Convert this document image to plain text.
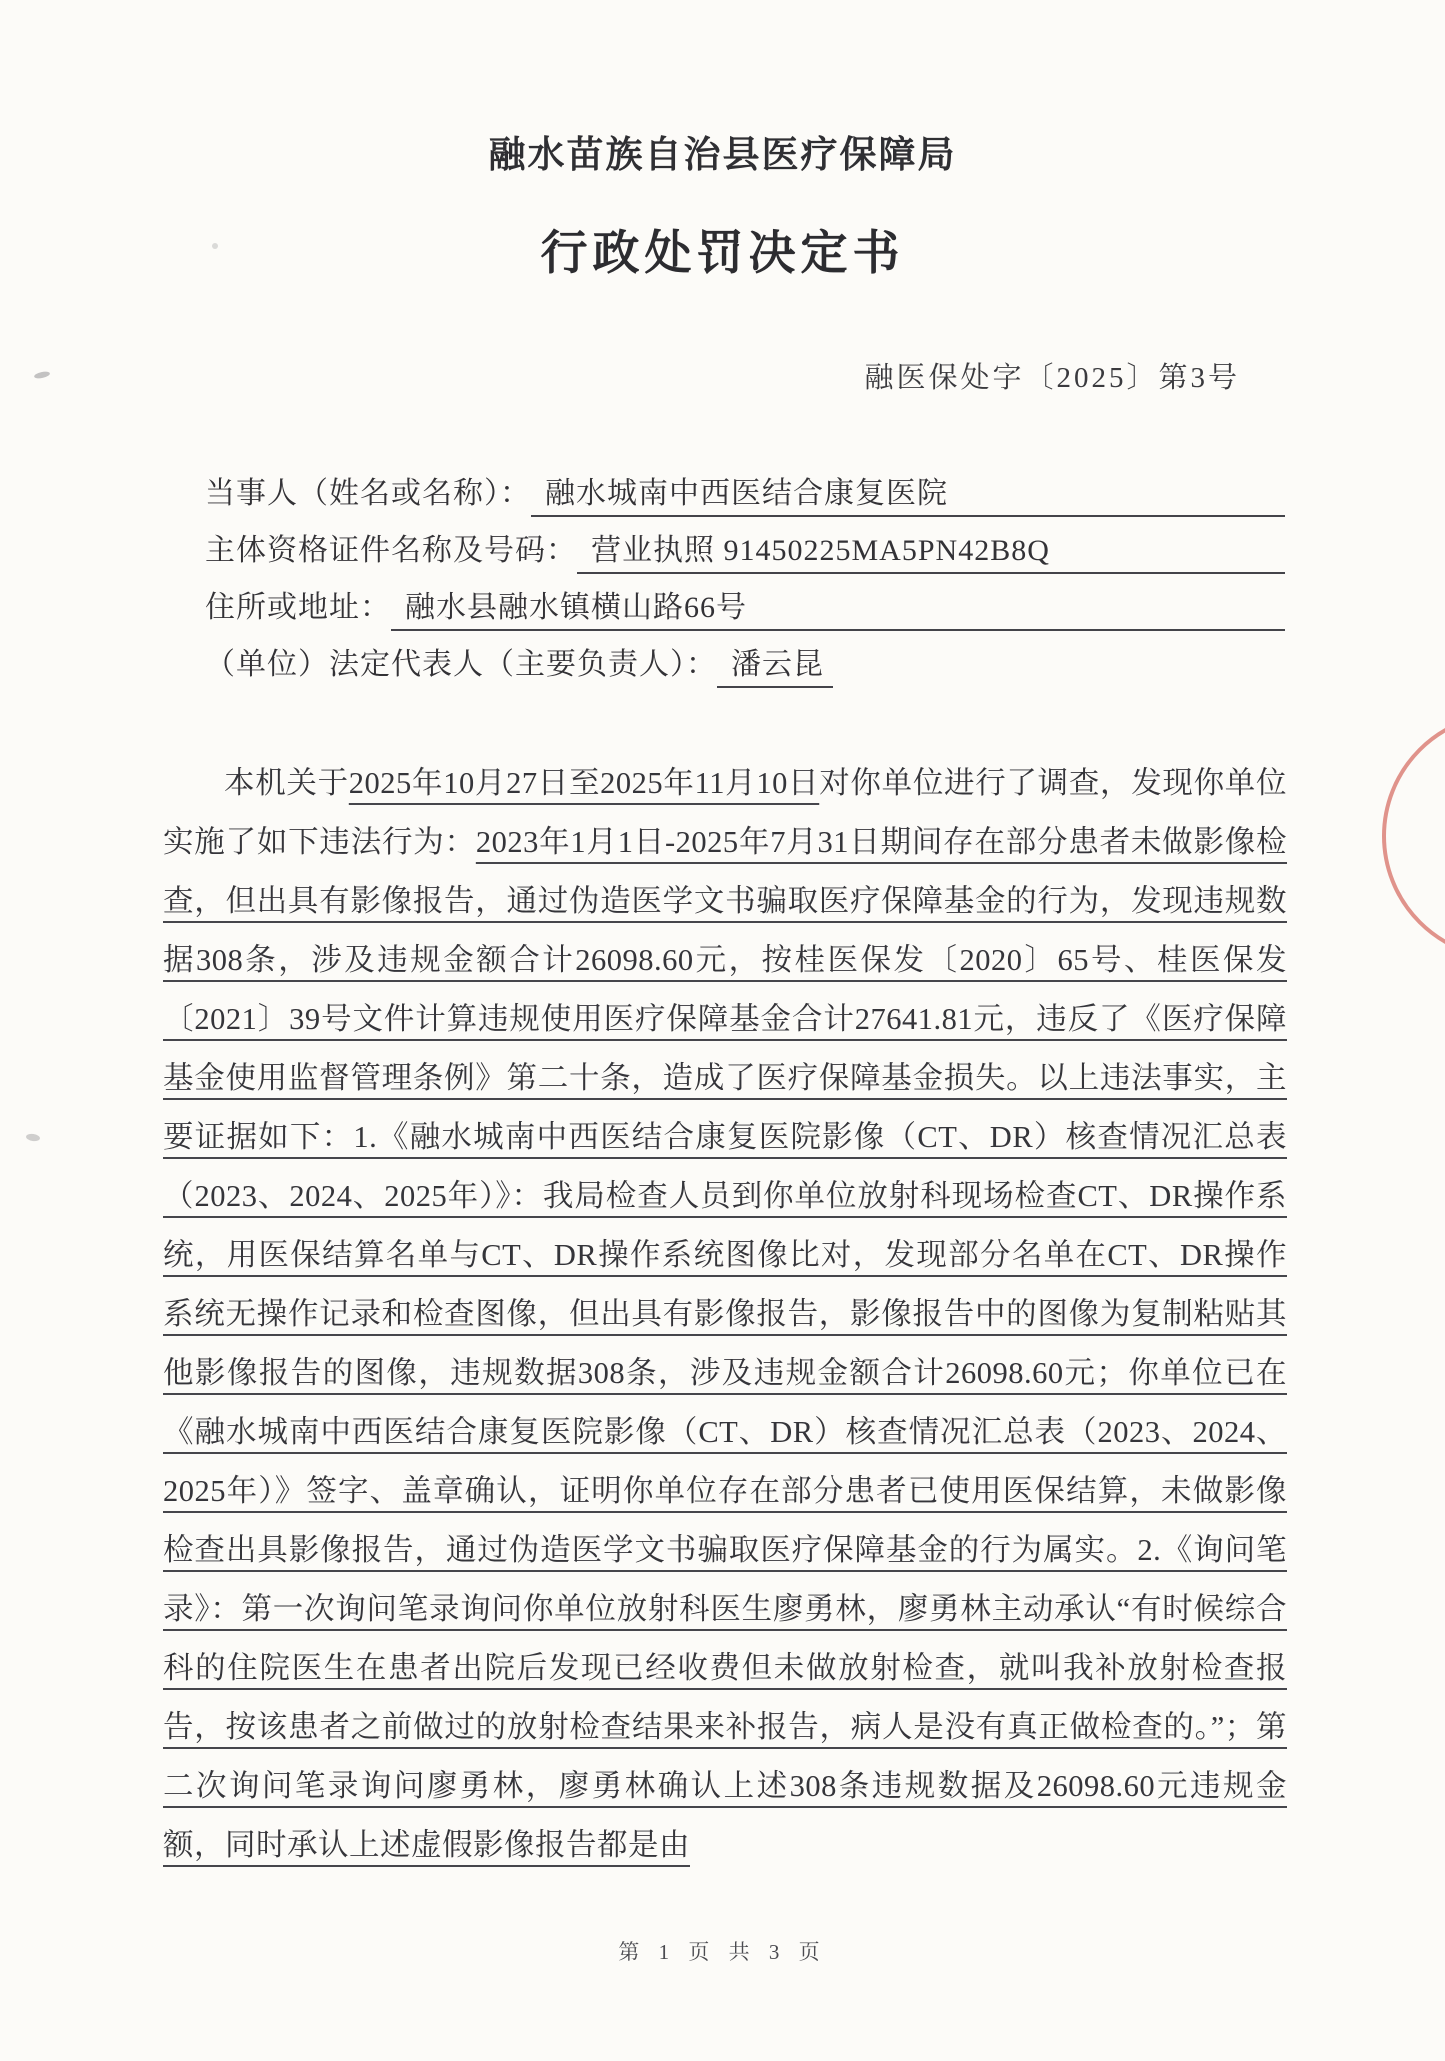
融水苗族自治县医疗保障局
行政处罚决定书
融医保处字〔2025〕第3号
当事人（姓名或名称）： 融水城南中西医结合康复医院
主体资格证件名称及号码： 营业执照 91450225MA5PN42B8Q
住所或地址： 融水县融水镇横山路66号
（单位）法定代表人（主要负责人）： 潘云昆
本机关于2025年10月27日至2025年11月10日对你单位进行了调查，发现你单位实施了如下违法行为：2023年1月1日-2025年7月31日期间存在部分患者未做影像检查，但出具有影像报告，通过伪造医学文书骗取医疗保障基金的行为，发现违规数据308条，涉及违规金额合计26098.60元，按桂医保发〔2020〕65号、桂医保发〔2021〕39号文件计算违规使用医疗保障基金合计27641.81元，违反了《医疗保障基金使用监督管理条例》第二十条，造成了医疗保障基金损失。以上违法事实，主要证据如下：1.《融水城南中西医结合康复医院影像（CT、DR）核查情况汇总表（2023、2024、2025年）》：我局检查人员到你单位放射科现场检查CT、DR操作系统，用医保结算名单与CT、DR操作系统图像比对，发现部分名单在CT、DR操作系统无操作记录和检查图像，但出具有影像报告，影像报告中的图像为复制粘贴其他影像报告的图像，违规数据308条，涉及违规金额合计26098.60元；你单位已在《融水城南中西医结合康复医院影像（CT、DR）核查情况汇总表（2023、2024、2025年）》签字、盖章确认，证明你单位存在部分患者已使用医保结算，未做影像检查出具影像报告，通过伪造医学文书骗取医疗保障基金的行为属实。2.《询问笔录》：第一次询问笔录询问你单位放射科医生廖勇林，廖勇林主动承认“有时候综合科的住院医生在患者出院后发现已经收费但未做放射检查，就叫我补放射检查报告，按该患者之前做过的放射检查结果来补报告，病人是没有真正做检查的。”；第二次询问笔录询问廖勇林，廖勇林确认上述308条违规数据及26098.60元违规金额，同时承认上述虚假影像报告都是由
第 1 页 共 3 页
